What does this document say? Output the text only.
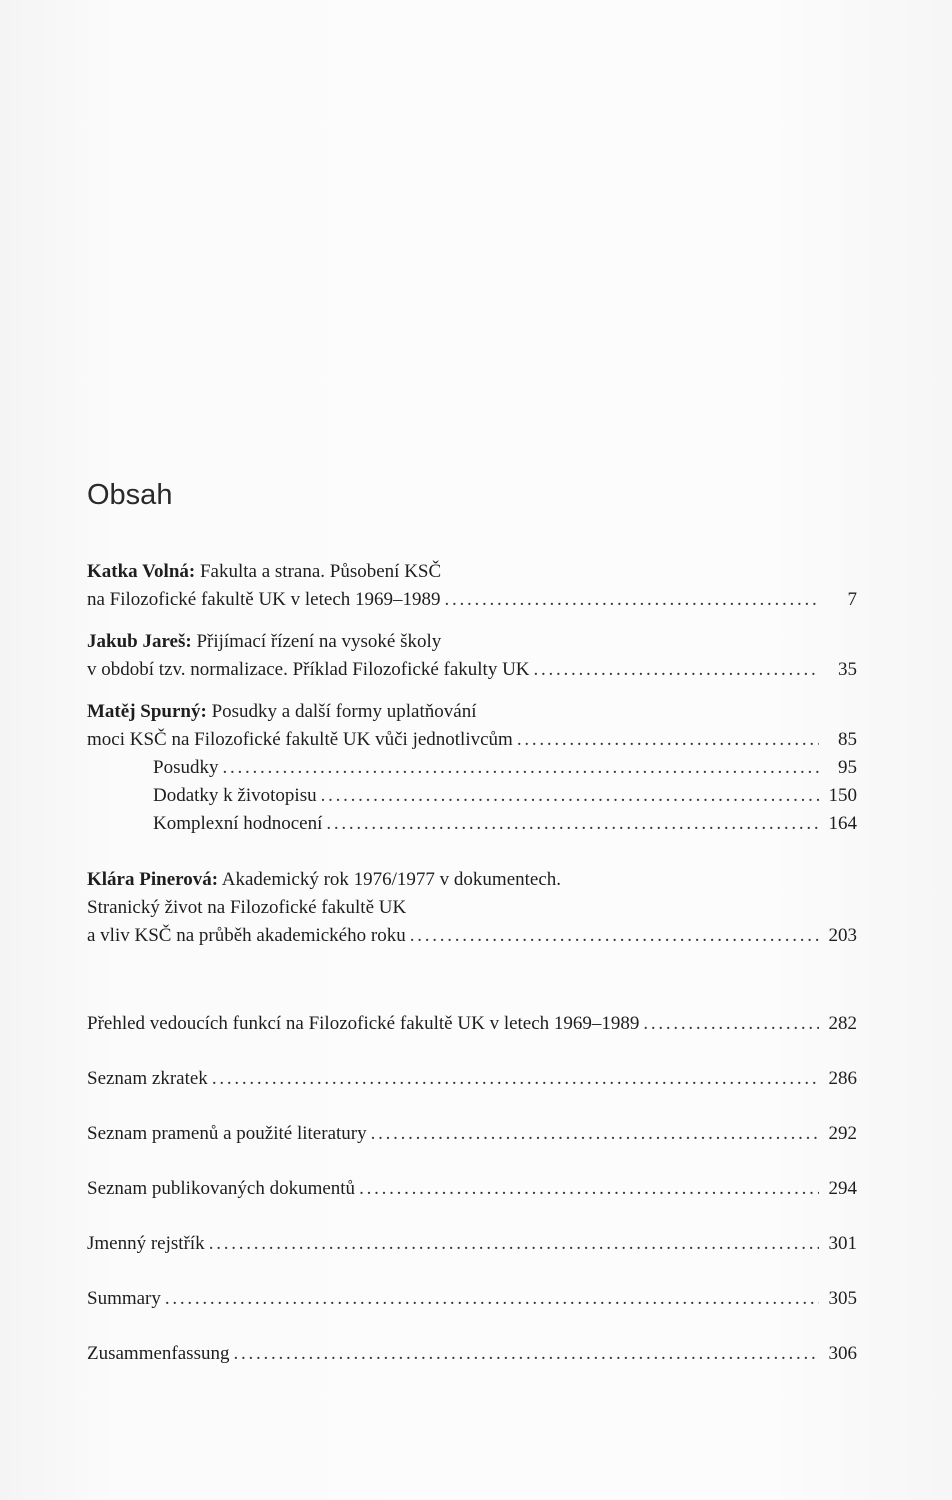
Obsah
Katka Volná: Fakulta a strana. Působení KSČ
na Filozofické fakultě UK v letech 1969–1989 . . .	7
Jakub Jareš: Přijímací řízení na vysoké školy
v období tzv. normalizace. Příklad Filozofické fakulty UK . . .	35
Matěj Spurný: Posudky a další formy uplatňování
moci KSČ na Filozofické fakultě UK vůči jednotlivcům . . .	85
Posudky . . .	95
Dodatky k životopisu . . .	150
Komplexní hodnocení . . .	164
Klára Pinerová: Akademický rok 1976/1977 v dokumentech.
Stranický život na Filozofické fakultě UK
a vliv KSČ na průběh akademického roku . . .	203
Přehled vedoucích funkcí na Filozofické fakultě UK v letech 1969–1989 . . .	282
Seznam zkratek . . .	286
Seznam pramenů a použité literatury . . .	292
Seznam publikovaných dokumentů . . .	294
Jmenný rejstřík . . .	301
Summary . . .	305
Zusammenfassung . . .	306
